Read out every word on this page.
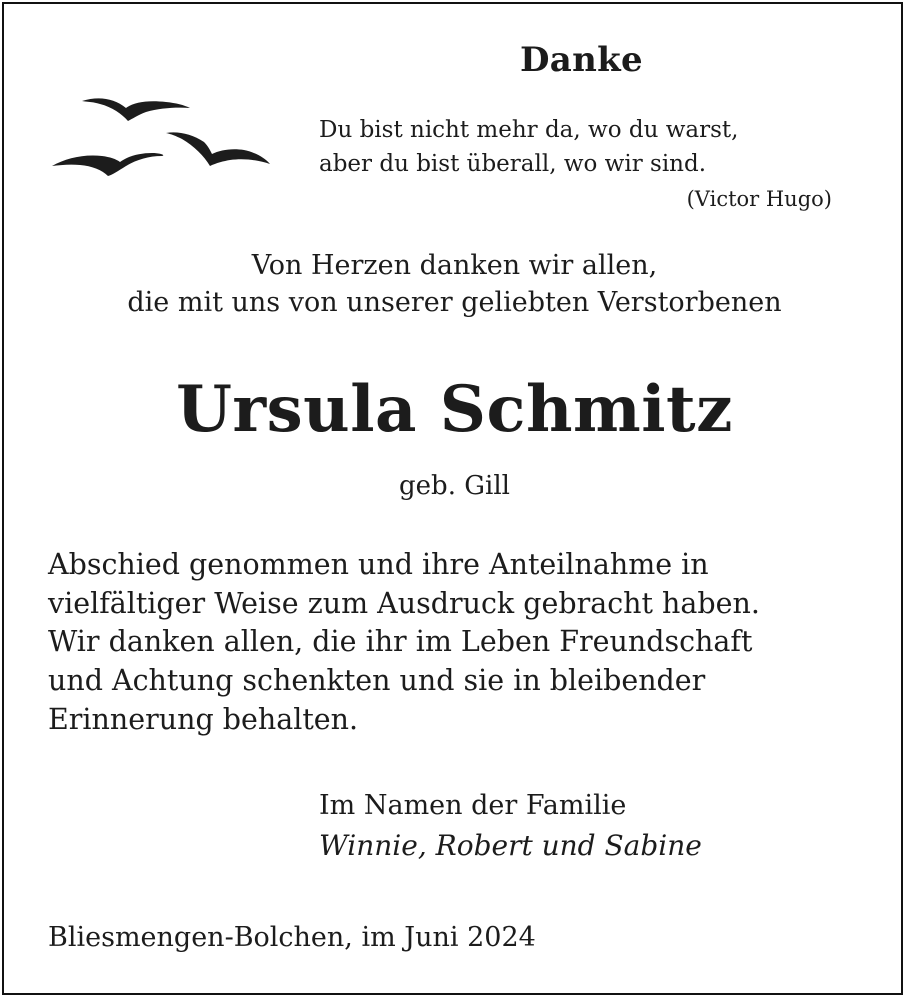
Danke
Du bist nicht mehr da, wo du warst,
aber du bist überall, wo wir sind.
(Victor Hugo)
Von Herzen danken wir allen,
die mit uns von unserer geliebten Verstorbenen
Ursula Schmitz
geb. Gill
Abschied genommen und ihre Anteilnahme in
vielfältiger Weise zum Ausdruck gebracht haben.
Wir danken allen, die ihr im Leben Freundschaft
und Achtung schenkten und sie in bleibender
Erinnerung behalten.
Im Namen der Familie
Winnie, Robert und Sabine
Bliesmengen-Bolchen, im Juni 2024
